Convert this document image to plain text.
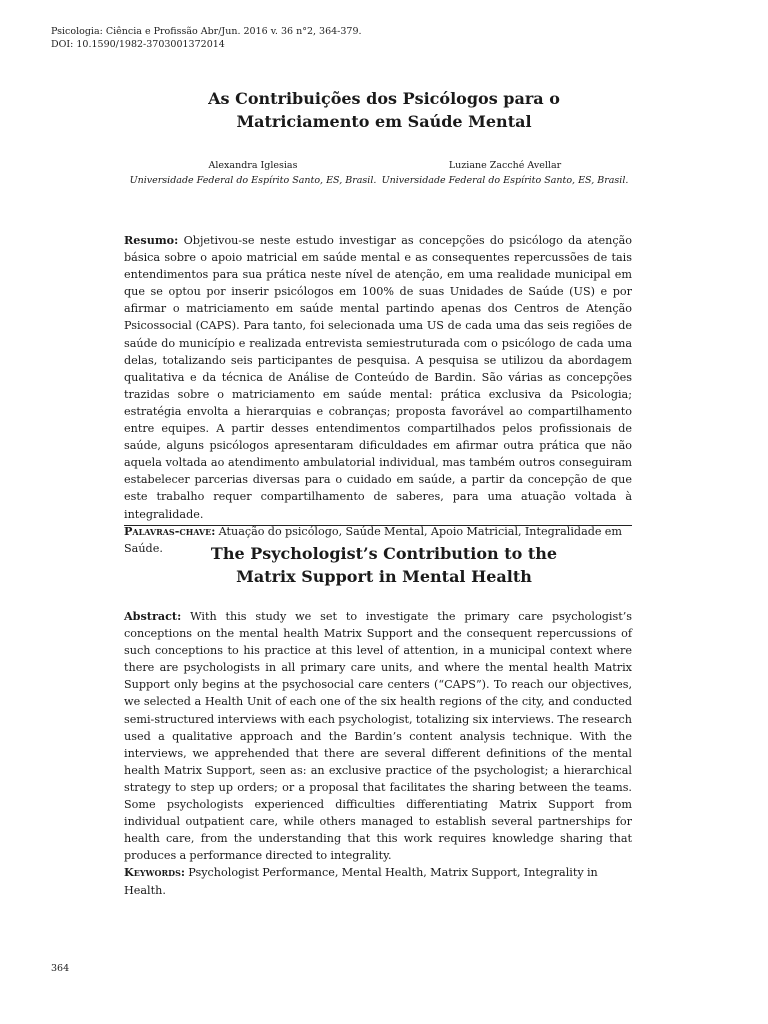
Psicologia: Ciência e Profissão Abr/Jun. 2016 v. 36 n°2, 364-379.
DOI: 10.1590/1982-3703001372014
As Contribuições dos Psicólogos para o
Matriciamento em Saúde Mental
Alexandra Iglesias
Universidade Federal do Espírito Santo, ES, Brasil.
Luziane Zacché Avellar
Universidade Federal do Espírito Santo, ES, Brasil.
Resumo: Objetivou-se neste estudo investigar as concepções do psicólogo da atenção básica sobre o apoio matricial em saúde mental e as consequentes repercussões de tais entendimentos para sua prática neste nível de atenção, em uma realidade municipal em que se optou por inserir psicólogos em 100% de suas Unidades de Saúde (US) e por afirmar o matriciamento em saúde mental partindo apenas dos Centros de Atenção Psicossocial (CAPS). Para tanto, foi selecionada uma US de cada uma das seis regiões de saúde do município e realizada entrevista semiestruturada com o psicólogo de cada uma delas, totalizando seis participantes de pesquisa. A pesquisa se utilizou da abordagem qualitativa e da técnica de Análise de Conteúdo de Bardin. São várias as concepções trazidas sobre o matriciamento em saúde mental: prática exclusiva da Psicologia; estratégia envolta a hierarquias e cobranças; proposta favorável ao compartilhamento entre equipes. A partir desses entendimentos compartilhados pelos profissionais de saúde, alguns psicólogos apresentaram dificuldades em afirmar outra prática que não aquela voltada ao atendimento ambulatorial individual, mas também outros conseguiram estabelecer parcerias diversas para o cuidado em saúde, a partir da concepção de que este trabalho requer compartilhamento de saberes, para uma atuação voltada à integralidade.
Palavras-chave: Atuação do psicólogo, Saúde Mental, Apoio Matricial, Integralidade em Saúde.	The Psychologist’s Contribution to the
Matrix Support in Mental Health
Abstract: With this study we set to investigate the primary care psychologist’s conceptions on the mental health Matrix Support and the consequent repercussions of such conceptions to his practice at this level of attention, in a municipal context where there are psychologists in all primary care units, and where the mental health Matrix Support only begins at the psychosocial care centers (“CAPS”). To reach our objectives, we selected a Health Unit of each one of the six health regions of the city, and conducted semi-structured interviews with each psychologist, totalizing six interviews. The research used a qualitative approach and the Bardin’s content analysis technique. With the interviews, we apprehended that there are several different definitions of the mental health Matrix Support, seen as: an exclusive practice of the psychologist; a hierarchical strategy to step up orders; or a proposal that facilitates the sharing between the teams. Some psychologists experienced difficulties differentiating Matrix Support from individual outpatient care, while others managed to establish several partnerships for health care, from the understanding that this work requires knowledge sharing that produces a performance directed to integrality.
Keywords: Psychologist Performance, Mental Health, Matrix Support, Integrality in Health.
364
